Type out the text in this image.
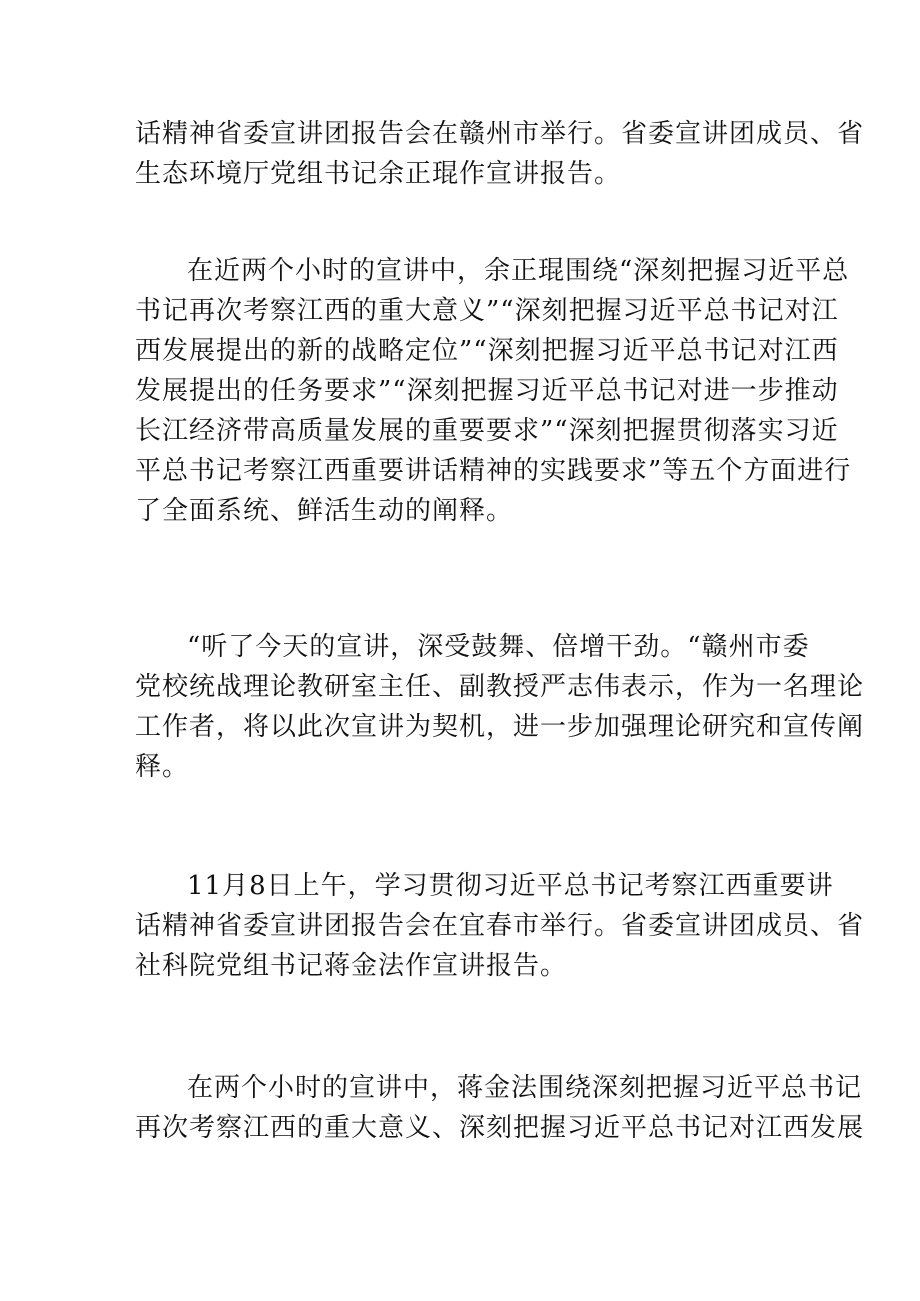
话精神省委宣讲团报告会在赣州市举行。省委宣讲团成员、省
生态环境厅党组书记余正琨作宣讲报告。
在近两个小时的宣讲中，余正琨围绕“深刻把握习近平总
书记再次考察江西的重大意义”“深刻把握习近平总书记对江
西发展提出的新的战略定位”“深刻把握习近平总书记对江西
发展提出的任务要求”“深刻把握习近平总书记对进一步推动
长江经济带高质量发展的重要要求”“深刻把握贯彻落实习近
平总书记考察江西重要讲话精神的实践要求”等五个方面进行
了全面系统、鲜活生动的阐释。
“听了今天的宣讲，深受鼓舞、倍增干劲。“赣州市委
党校统战理论教研室主任、副教授严志伟表示，作为一名理论
工作者，将以此次宣讲为契机，进一步加强理论研究和宣传阐
释。
11月8日上午，学习贯彻习近平总书记考察江西重要讲
话精神省委宣讲团报告会在宜春市举行。省委宣讲团成员、省
社科院党组书记蒋金法作宣讲报告。
在两个小时的宣讲中，蒋金法围绕深刻把握习近平总书记
再次考察江西的重大意义、深刻把握习近平总书记对江西发展
